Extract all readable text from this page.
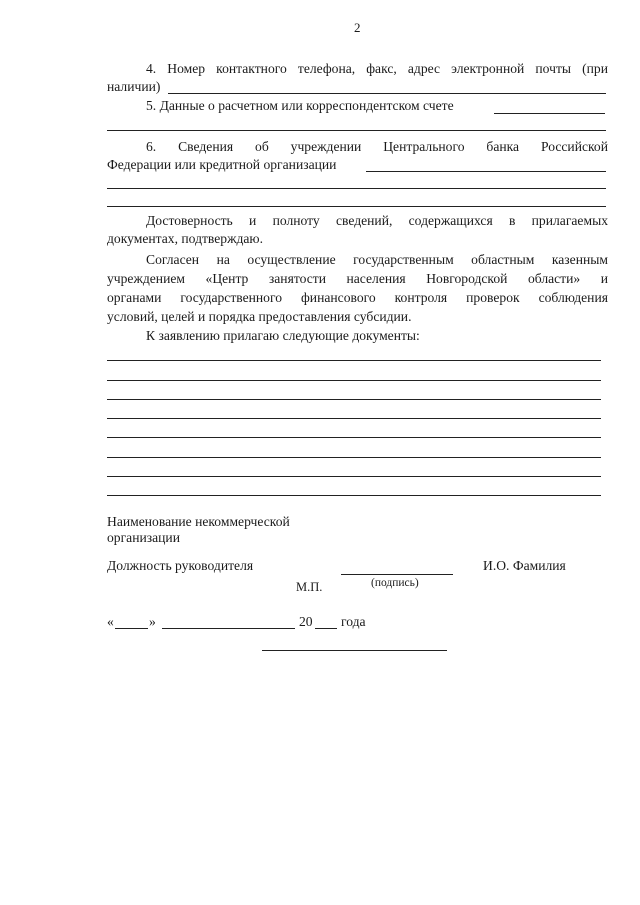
2
4. Номер контактного телефона, факс, адрес электронной почты (при
наличии)
5. Данные о расчетном или корреспондентском счете
6. Сведения об учреждении Центрального банка Российской
Федерации или кредитной организации
Достоверность и полноту сведений, содержащихся в прилагаемых
документах, подтверждаю.
Согласен на осуществление государственным областным казенным
учреждением «Центр занятости населения Новгородской области» и
органами государственного финансового контроля проверок соблюдения
условий, целей и порядка предоставления субсидии.
К заявлению прилагаю следующие документы:
Наименование некоммерческой
организации
Должность руководителя
(подпись)
М.П.
И.О. Фамилия
«	»	20 года
